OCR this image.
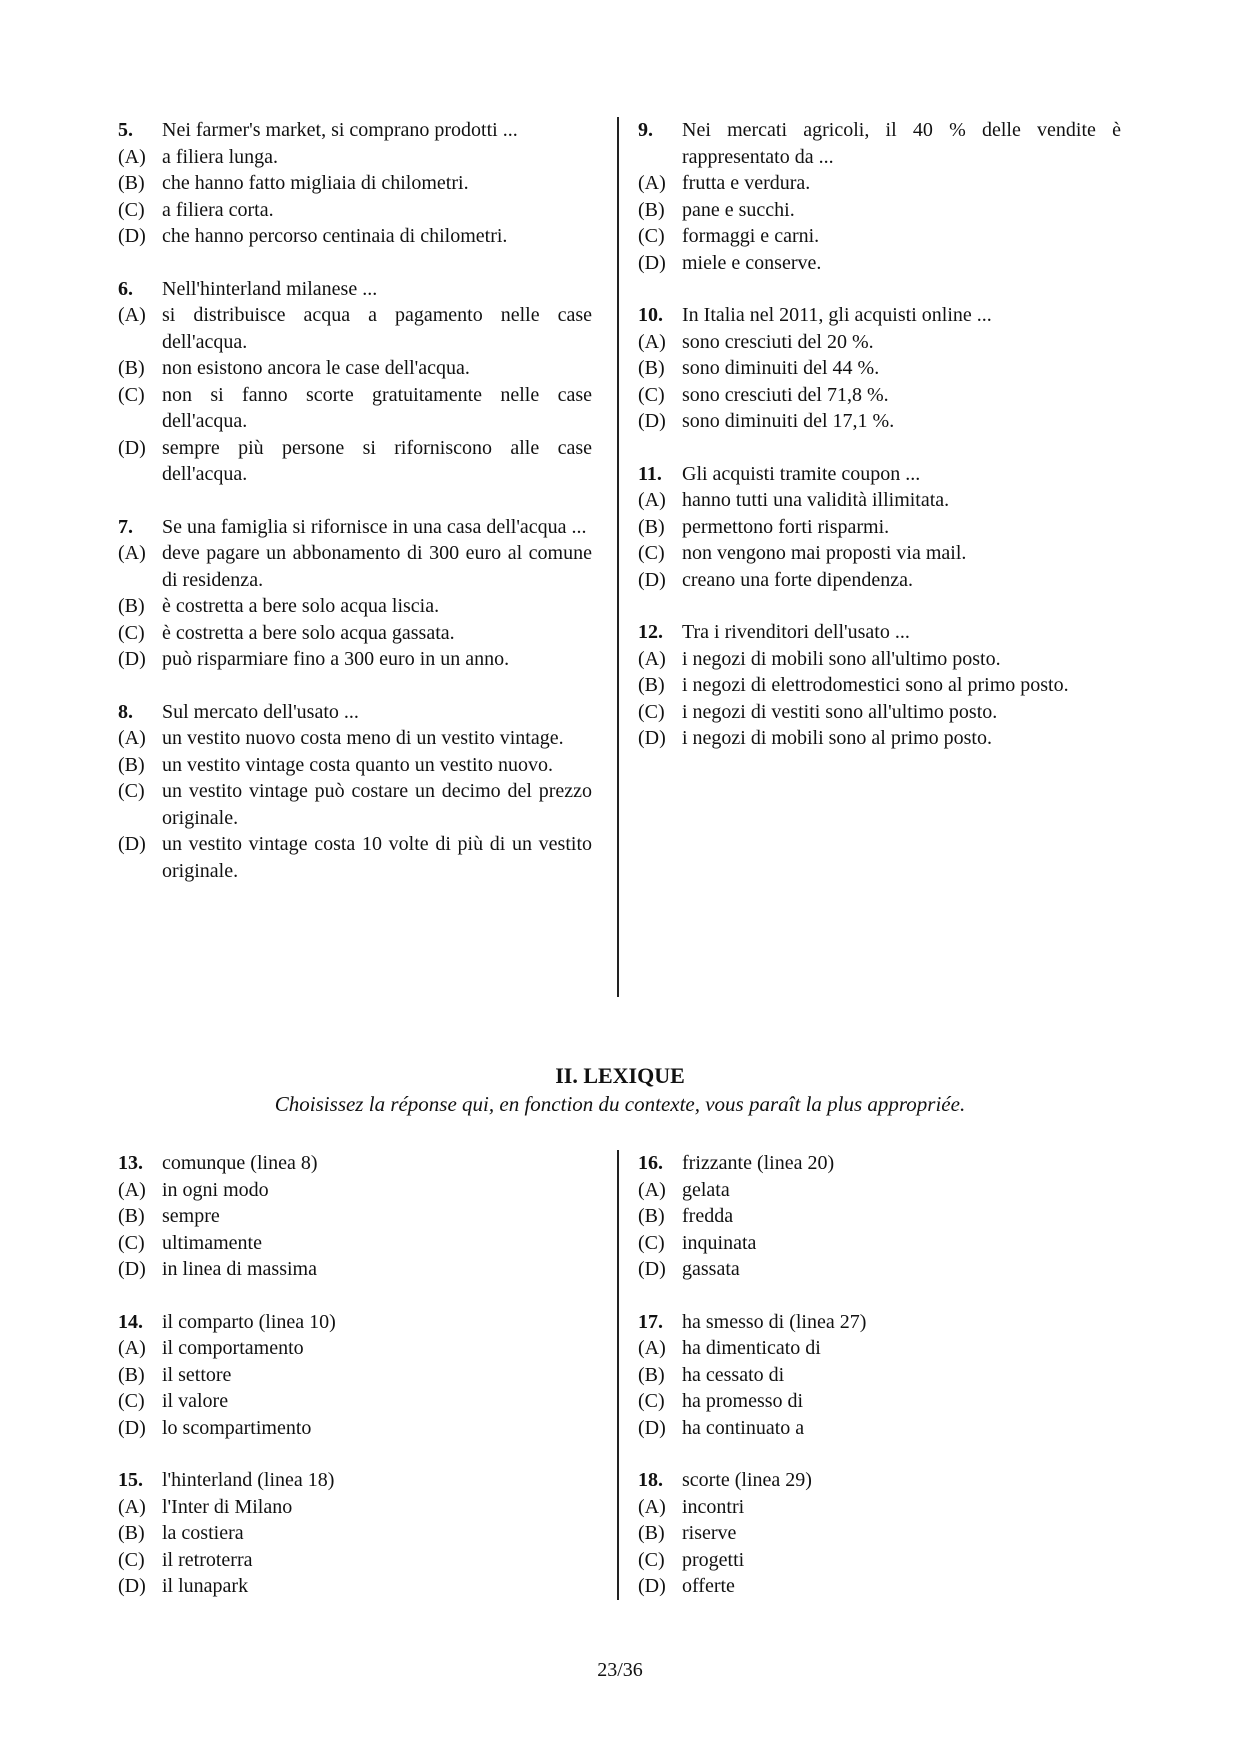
5.	Nei farmer's market, si comprano prodotti ...
(A) a filiera lunga.
(B) che hanno fatto migliaia di chilometri.
(C) a filiera corta.
(D) che hanno percorso centinaia di chilometri.
6.	Nell'hinterland milanese ...
(A) si distribuisce acqua a pagamento nelle case dell'acqua.
(B) non esistono ancora le case dell'acqua.
(C) non si fanno scorte gratuitamente nelle case dell'acqua.
(D) sempre più persone si riforniscono alle case dell'acqua.
7.	Se una famiglia si rifornisce in una casa dell'acqua ...
(A) deve pagare un abbonamento di 300 euro al comune di residenza.
(B) è costretta a bere solo acqua liscia.
(C) è costretta a bere solo acqua gassata.
(D) può risparmiare fino a 300 euro in un anno.
8.	Sul mercato dell'usato ...
(A) un vestito nuovo costa meno di un vestito vintage.
(B) un vestito vintage costa quanto un vestito nuovo.
(C) un vestito vintage può costare un decimo del prezzo originale.
(D) un vestito vintage costa 10 volte di più di un vestito originale.
9.	Nei mercati agricoli, il 40 % delle vendite è rappresentato da ...
(A) frutta e verdura.
(B) pane e succhi.
(C) formaggi e carni.
(D) miele e conserve.
10. In Italia nel 2011, gli acquisti online ...
(A) sono cresciuti del 20 %.
(B) sono diminuiti del 44 %.
(C) sono cresciuti del 71,8 %.
(D) sono diminuiti del 17,1 %.
11.	Gli acquisti tramite coupon ...
(A) hanno tutti una validità illimitata.
(B) permettono forti risparmi.
(C) non vengono mai proposti via mail.
(D) creano una forte dipendenza.
12. Tra i rivenditori dell'usato ...
(A) i negozi di mobili sono all'ultimo posto.
(B) i negozi di elettrodomestici sono al primo posto.
(C) i negozi di vestiti sono all'ultimo posto.
(D) i negozi di mobili sono al primo posto.
II. LEXIQUE
Choisissez la réponse qui, en fonction du contexte, vous paraît la plus appropriée.
13. comunque (linea 8)
(A) in ogni modo
(B) sempre
(C) ultimamente
(D) in linea di massima
14. il comparto (linea 10)
(A) il comportamento
(B) il settore
(C) il valore
(D) lo scompartimento
15. l'hinterland (linea 18)
(A) l'Inter di Milano
(B) la costiera
(C) il retroterra
(D) il lunapark
16. frizzante (linea 20)
(A) gelata
(B) fredda
(C) inquinata
(D) gassata
17. ha smesso di (linea 27)
(A) ha dimenticato di
(B) ha cessato di
(C) ha promesso di
(D) ha continuato a
18. scorte (linea 29)
(A) incontri
(B) riserve
(C) progetti
(D) offerte
23/36
